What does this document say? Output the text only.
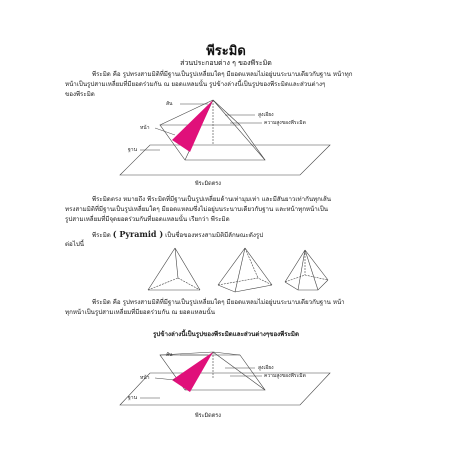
พีระมิด
ส่วนประกอบต่าง ๆ ของพีระมิด
พีระมิด คือ รูปทรงสามมิติที่มีฐานเป็นรูปเหลี่ยมใดๆ มียอดแหลมไม่อยู่บนระนาบเดียวกับฐาน หน้าทุก
หน้าเป็นรูปสามเหลี่ยมที่มียอดร่วมกัน ณ ยอดแหลมนั้น รูปข้างล่างนี้เป็นรูปของพีระมิดและส่วนต่างๆ
ของพีระมิด
สัน
หน้า
ฐาน
สูงเอียง
ความสูงของพีระมิด
พีระมิดตรง
พีระมิดตรง หมายถึง พีระมิดที่มีฐานเป็นรูปเหลี่ยมด้านเท่ามุมเท่า และมีสันยาวเท่ากันทุกเส้น
ทรงสามมิติที่มีฐานเป็นรูปเหลี่ยมใดๆ มียอดแหลมซึ่งไม่อยู่บนระนาบเดียวกับฐาน และหน้าทุกหน้าเป็น
รูปสามเหลี่ยมที่มีจุดยอดร่วมกันที่ยอดแหลมนั้น เรียกว่า พีระมิด
พีระมิด ( Pyramid ) เป็นชื่อของทรงสามมิติมีลักษณะดังรูป
ต่อไปนี้
พีระมิด คือ รูปทรงสามมิติที่มีฐานเป็นรูปเหลี่ยมใดๆ มียอดแหลมไม่อยู่บนระนาบเดียวกับฐาน หน้า
ทุกหน้าเป็นรูปสามเหลี่ยมที่มียอดร่วมกัน ณ ยอดแหลมนั้น
รูปข้างล่างนี้เป็นรูปของพีระมิดและส่วนต่างๆของพีระมิด
สัน
หน้า
ฐาน
สูงเอียง
ความสูงของพีระมิด
พีระมิดตรง
